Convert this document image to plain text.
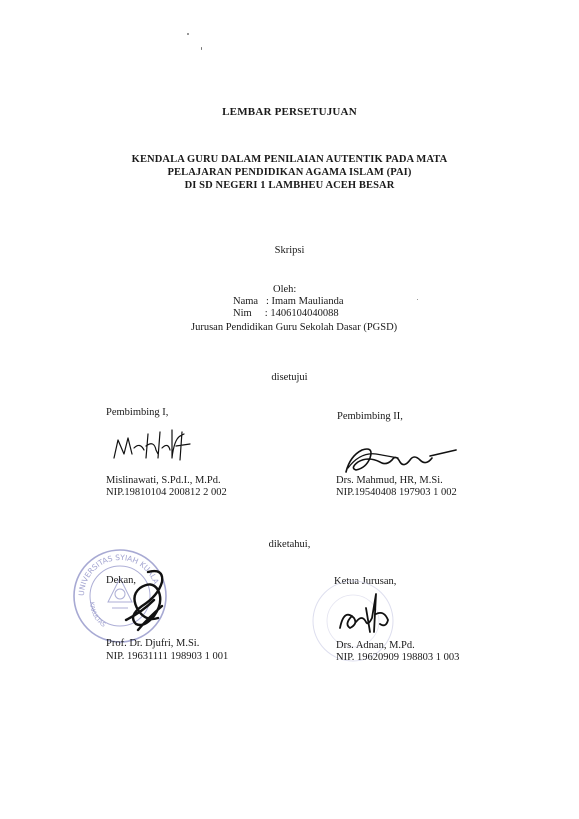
LEMBAR PERSETUJUAN
KENDALA GURU DALAM PENILAIAN AUTENTIK PADA MATA
PELAJARAN PENDIDIKAN AGAMA ISLAM (PAI)
DI SD NEGERI 1 LAMBHEU ACEH BESAR
Skripsi
Oleh:
Nama   : Imam Maulianda
Nim     : 1406104040088
Jurusan Pendidikan Guru Sekolah Dasar (PGSD)
disetujui
Pembimbing I,
Mislinawati, S.Pd.I., M.Pd.
NIP.19810104 200812 2 002
Pembimbing II,
Drs. Mahmud, HR, M.Si.
NIP.19540408 197903 1 002
diketahui,
UNIVERSITAS SYIAH KUALA
KAKULTAS
Dekan,
Prof. Dr. Djufri, M.Si.
NIP. 19631111 198903 1 001
Ketua Jurusan,
Drs. Adnan, M.Pd.
NIP. 19620909 198803 1 003
